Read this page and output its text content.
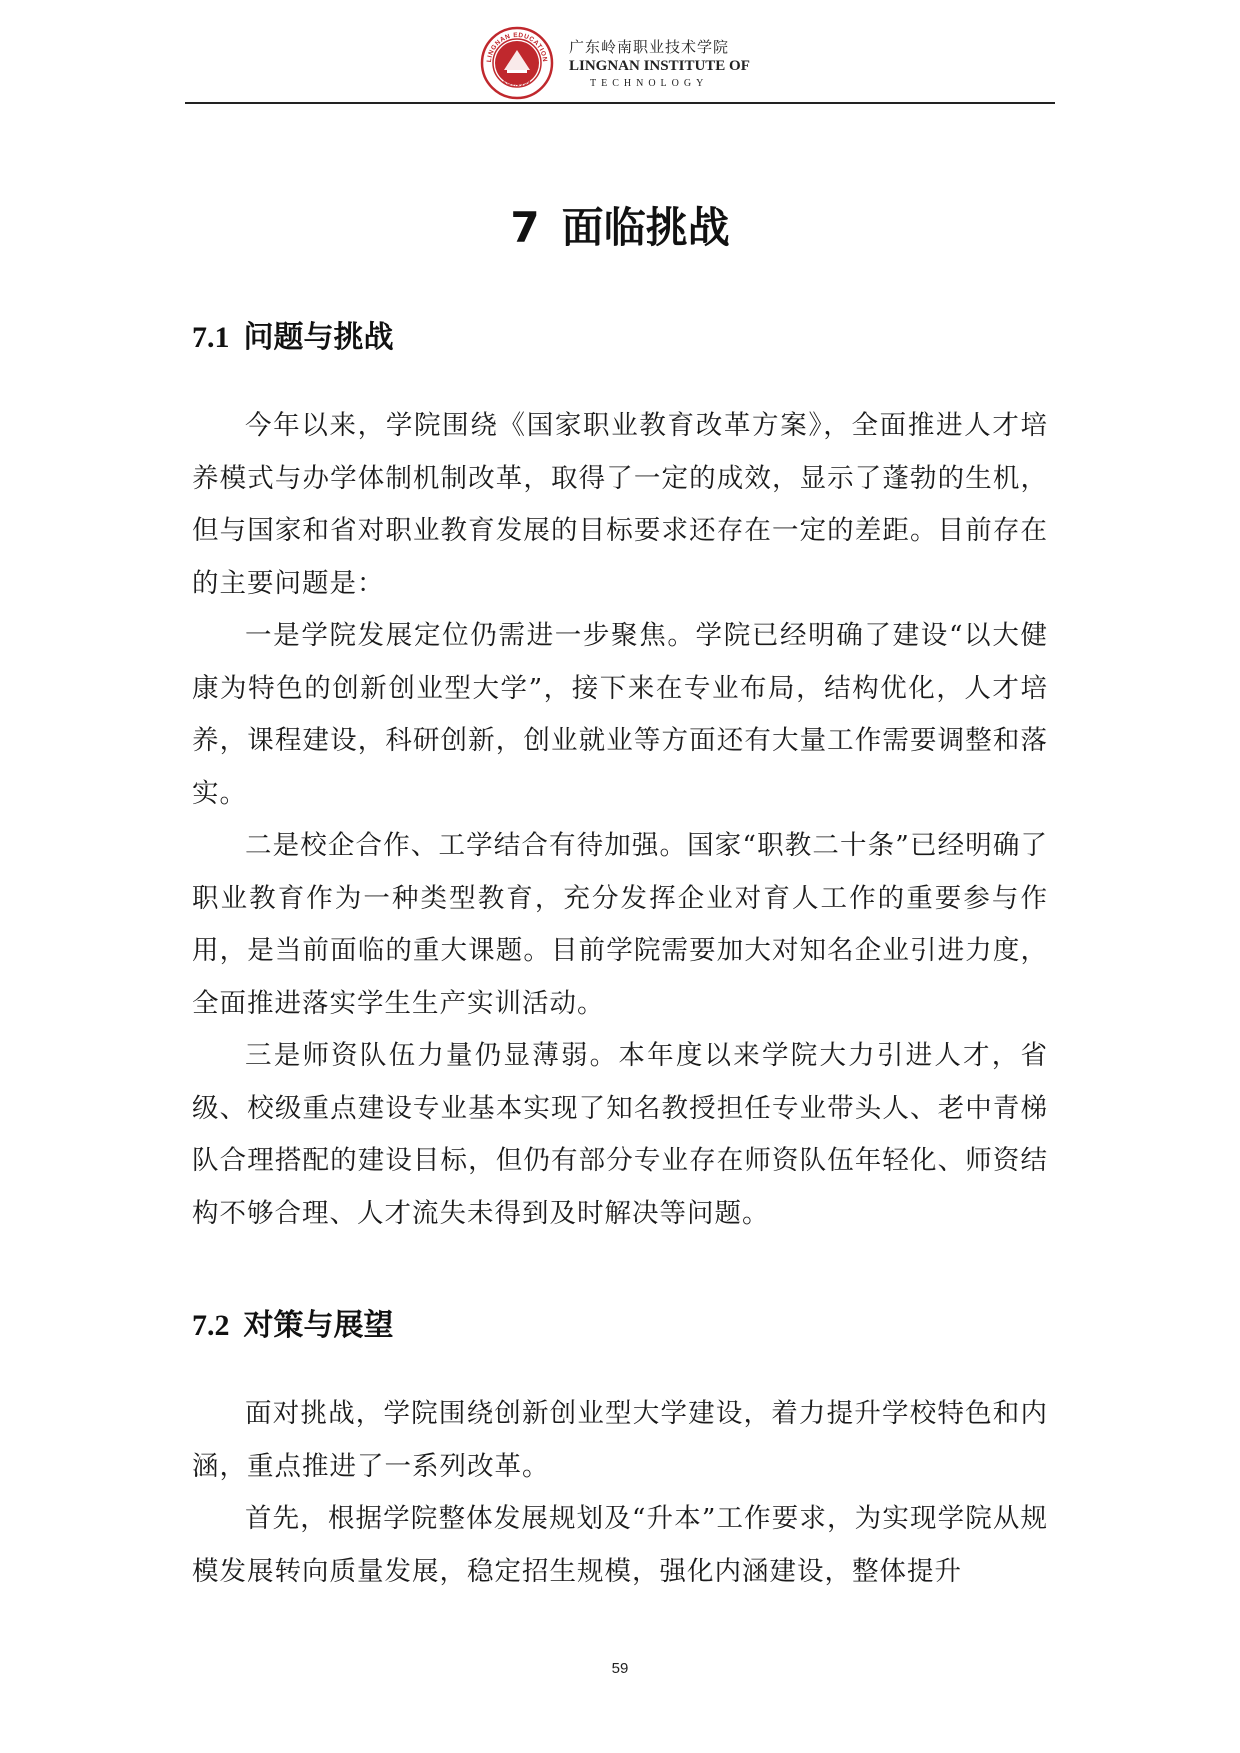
LINGNAN EDUCATION
EST.1993
广东岭南职业技术学院
LINGNAN INSTITUTE OF
TECHNOLOGY
7 面临挑战
7.1 问题与挑战

今年以来，学院围绕《国家职业教育改革方案》，全面推进人才培养模式与办学体制机制改革，取得了一定的成效，显示了蓬勃的生机，但与国家和省对职业教育发展的目标要求还存在一定的差距。目前存在的主要问题是：

一是学院发展定位仍需进一步聚焦。学院已经明确了建设“以大健康为特色的创新创业型大学”，接下来在专业布局，结构优化，人才培养，课程建设，科研创新，创业就业等方面还有大量工作需要调整和落实。

二是校企合作、工学结合有待加强。国家“职教二十条”已经明确了职业教育作为一种类型教育，充分发挥企业对育人工作的重要参与作用，是当前面临的重大课题。目前学院需要加大对知名企业引进力度，全面推进落实学生生产实训活动。

三是师资队伍力量仍显薄弱。本年度以来学院大力引进人才，省级、校级重点建设专业基本实现了知名教授担任专业带头人、老中青梯队合理搭配的建设目标，但仍有部分专业存在师资队伍年轻化、师资结构不够合理、人才流失未得到及时解决等问题。

7.2 对策与展望

面对挑战，学院围绕创新创业型大学建设，着力提升学校特色和内涵，重点推进了一系列改革。

首先，根据学院整体发展规划及“升本”工作要求，为实现学院从规模发展转向质量发展，稳定招生规模，强化内涵建设，整体提升

59
